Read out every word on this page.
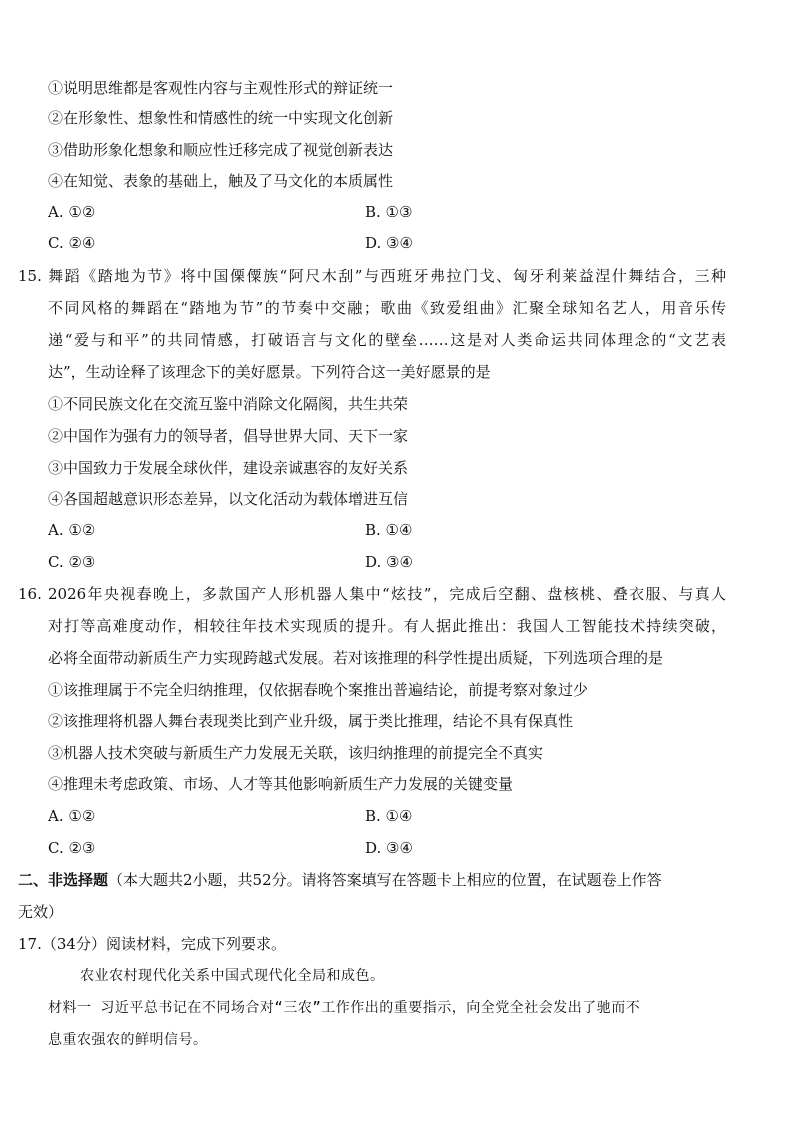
①说明思维都是客观性内容与主观性形式的辩证统一
②在形象性、想象性和情感性的统一中实现文化创新
③借助形象化想象和顺应性迁移完成了视觉创新表达
④在知觉、表象的基础上，触及了马文化的本质属性
A. ①②	B. ①③
C. ②④	D. ③④
15. 舞蹈《踏地为节》将中国傈僳族“阿尺木刮”与西班牙弗拉门戈、匈牙利莱益涅什舞结合，三种
不同风格的舞蹈在“踏地为节”的节奏中交融；歌曲《致爱组曲》汇聚全球知名艺人，用音乐传
递“爱与和平”的共同情感，打破语言与文化的壁垒……这是对人类命运共同体理念的“文艺表
达”，生动诠释了该理念下的美好愿景。下列符合这一美好愿景的是
①不同民族文化在交流互鉴中消除文化隔阂，共生共荣
②中国作为强有力的领导者，倡导世界大同、天下一家
③中国致力于发展全球伙伴，建设亲诚惠容的友好关系
④各国超越意识形态差异，以文化活动为载体增进互信
A. ①②	B. ①④
C. ②③	D. ③④
16. 2026年央视春晚上，多款国产人形机器人集中“炫技”，完成后空翻、盘核桃、叠衣服、与真人
对打等高难度动作，相较往年技术实现质的提升。有人据此推出：我国人工智能技术持续突破，
必将全面带动新质生产力实现跨越式发展。若对该推理的科学性提出质疑，下列选项合理的是
①该推理属于不完全归纳推理，仅依据春晚个案推出普遍结论，前提考察对象过少
②该推理将机器人舞台表现类比到产业升级，属于类比推理，结论不具有保真性
③机器人技术突破与新质生产力发展无关联，该归纳推理的前提完全不真实
④推理未考虑政策、市场、人才等其他影响新质生产力发展的关键变量
A. ①②	B. ①④
C. ②③	D. ③④
二、非选择题（本大题共2小题，共52分。请将答案填写在答题卡上相应的位置，在试题卷上作答
无效）
17.（34分）阅读材料，完成下列要求。
农业农村现代化关系中国式现代化全局和成色。
材料一 习近平总书记在不同场合对“三农”工作作出的重要指示，向全党全社会发出了驰而不
息重农强农的鲜明信号。
